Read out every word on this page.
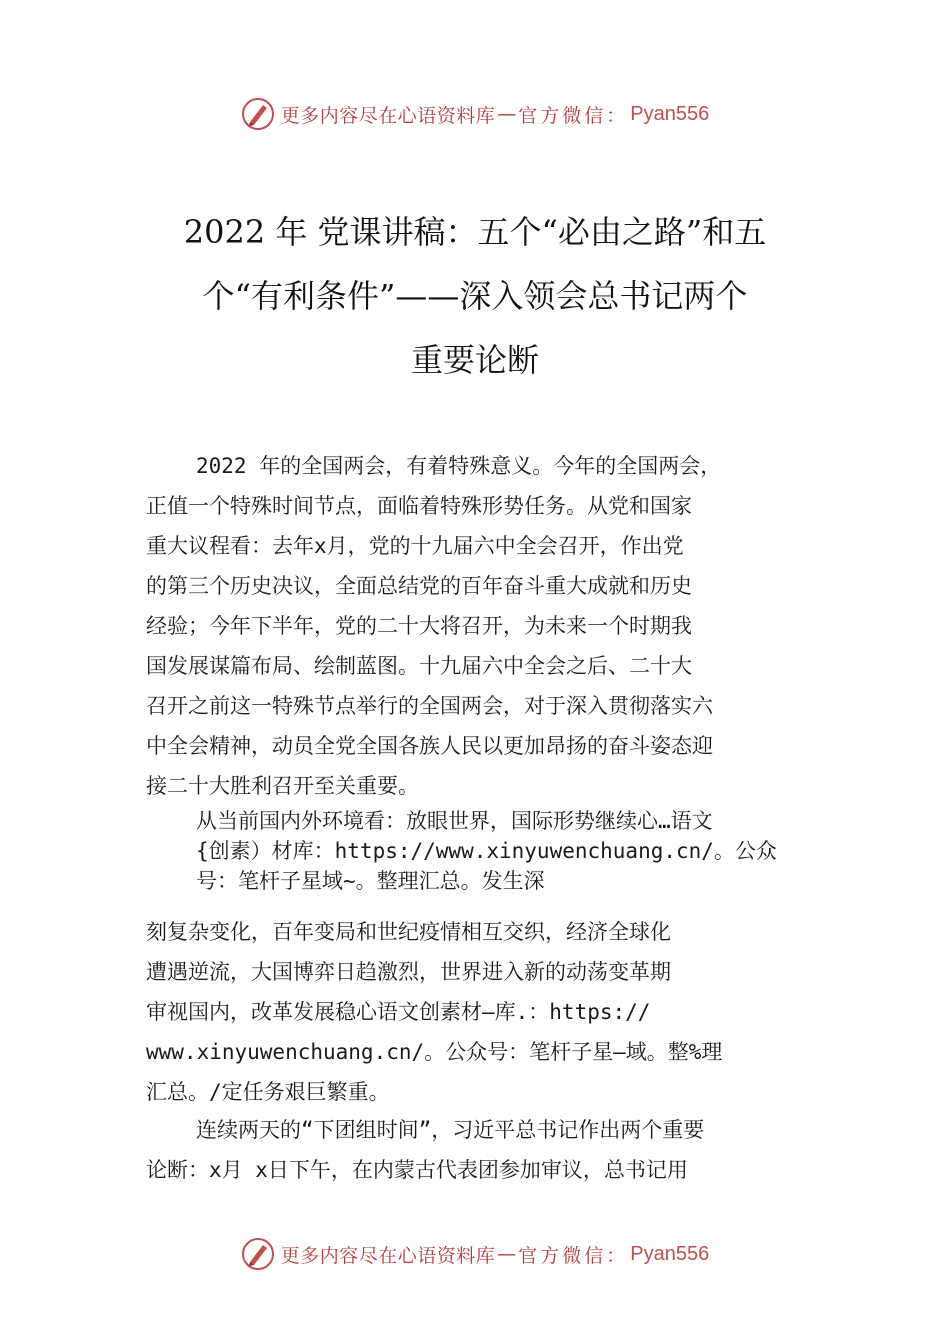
更多内容尽在心语资料库 — 官方微信： Pyan556
2022 年 党课讲稿：五个“必由之路”和五
个“有利条件”——深入领会总书记两个
重要论断
2022 年的全国两会，有着特殊意义。今年的全国两会，
正值一个特殊时间节点，面临着特殊形势任务。从党和国家
重大议程看：去年x月，党的十九届六中全会召开，作出党
的第三个历史决议，全面总结党的百年奋斗重大成就和历史
经验；今年下半年，党的二十大将召开，为未来一个时期我
国发展谋篇布局、绘制蓝图。十九届六中全会之后、二十大
召开之前这一特殊节点举行的全国两会，对于深入贯彻落实六
中全会精神，动员全党全国各族人民以更加昂扬的奋斗姿态迎
接二十大胜利召开至关重要。
从当前国内外环境看：放眼世界，国际形势继续心…语文
{创素）材库：https://www.xinyuwenchuang.cn/。公众
号：笔杆子星域~。整理汇总。发生深
刻复杂变化，百年变局和世纪疫情相互交织，经济全球化
遭遇逆流，大国博弈日趋激烈，世界进入新的动荡变革期
审视国内，改革发展稳心语文创素材—库.：https://
www.xinyuwenchuang.cn/。公众号：笔杆子星—域。整%理
汇总。/定任务艰巨繁重。
连续两天的“下团组时间”，习近平总书记作出两个重要
论断：x月 x日下午，在内蒙古代表团参加审议，总书记用
更多内容尽在心语资料库 — 官方微信： Pyan556
